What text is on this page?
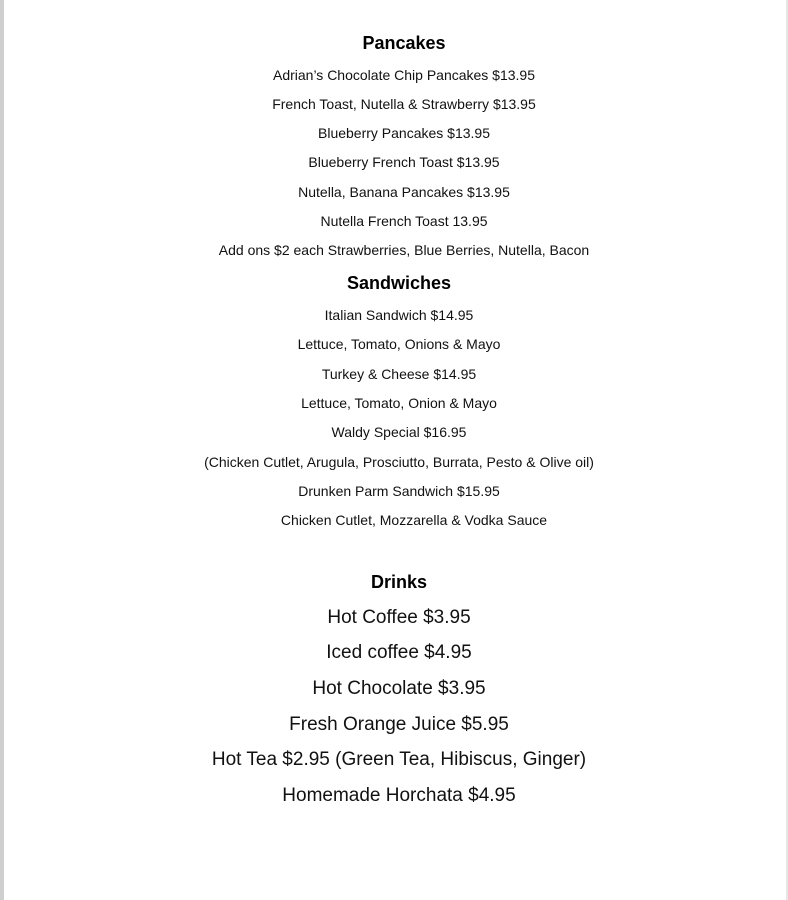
Pancakes
Adrian’s Chocolate Chip Pancakes $13.95
French Toast, Nutella & Strawberry $13.95
Blueberry Pancakes $13.95
Blueberry French Toast $13.95
Nutella, Banana Pancakes $13.95
Nutella French Toast 13.95
Add ons $2 each Strawberries, Blue Berries, Nutella, Bacon
Sandwiches
Italian Sandwich $14.95
Lettuce, Tomato, Onions & Mayo
Turkey & Cheese $14.95
Lettuce, Tomato, Onion & Mayo
Waldy Special $16.95
(Chicken Cutlet, Arugula, Prosciutto, Burrata, Pesto & Olive oil)
Drunken Parm Sandwich $15.95
Chicken Cutlet, Mozzarella & Vodka Sauce
Drinks
Hot Coffee $3.95
Iced coffee $4.95
Hot Chocolate $3.95
Fresh Orange Juice $5.95
Hot Tea $2.95 (Green Tea, Hibiscus, Ginger)
Homemade Horchata $4.95
